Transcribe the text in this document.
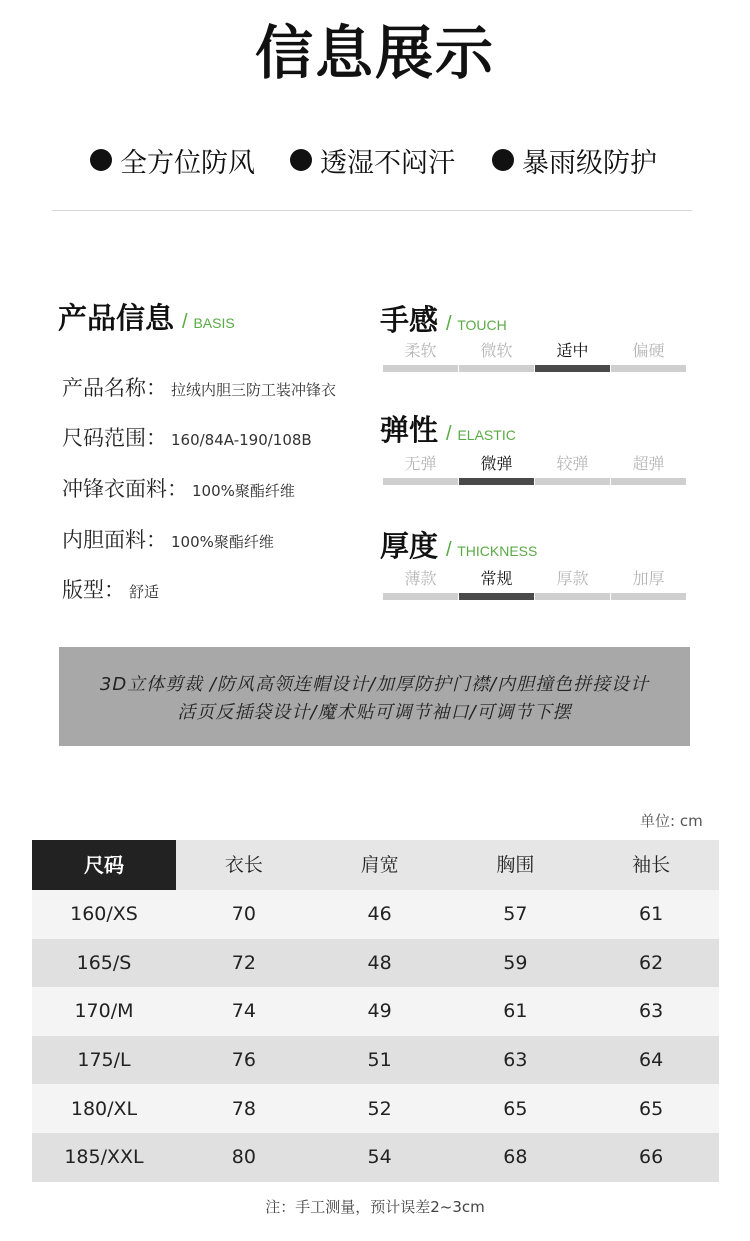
信息展示
全方位防风 透湿不闷汗 暴雨级防护
产品信息 / BASIS
产品名称： 拉绒内胆三防工装冲锋衣
尺码范围： 160/84A-190/108B
冲锋衣面料： 100%聚酯纤维
内胆面料： 100%聚酯纤维
版型： 舒适
手感 / TOUCH
柔软	微软	适中	偏硬
弹性 / ELASTIC
无弹	微弹	较弹	超弹
厚度 / THICKNESS
薄款	常规	厚款	加厚
3D立体剪裁 /防风高领连帽设计/加厚防护门襟/内胆撞色拼接设计
活页反插袋设计/魔术贴可调节袖口/可调节下摆
单位: cm
尺码	衣长	肩宽	胸围	袖长
160/XS	70	46	57	61
165/S	72	48	59	62
170/M	74	49	61	63
175/L	76	51	63	64
180/XL	78	52	65	65
185/XXL	80	54	68	66
注：手工测量，预计误差2~3cm
